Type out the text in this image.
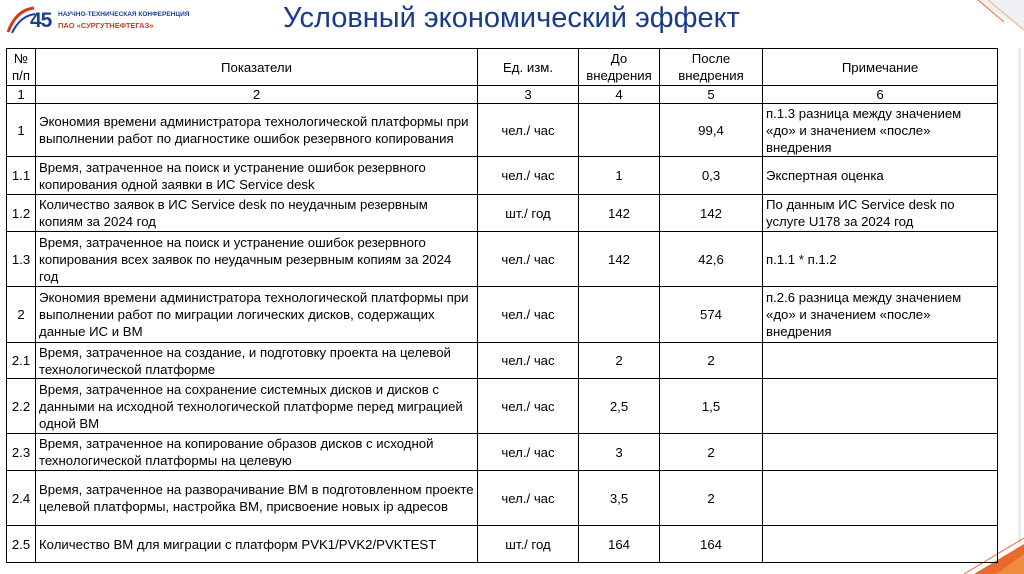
45 НАУЧНО-ТЕХНИЧЕСКАЯ КОНФЕРЕНЦИЯ
ПАО «СУРГУТНЕФТЕГАЗ»	Условный экономический эффект
№ п/п	Показатели	Ед. изм.	До внедрения	После внедрения	Примечание
1	2	3	4	5	6
1	Экономия времени администратора технологической платформы при выполнении работ по диагностике ошибок резервного копирования	чел./ час		99,4	п.1.3 разница между значением «до» и значением «после» внедрения
1.1	Время, затраченное на поиск и устранение ошибок резервного копирования одной заявки в ИС Service desk	чел./ час	1	0,3	Экспертная оценка
1.2	Количество заявок в ИС Service desk по неудачным резервным копиям за 2024 год	шт./ год	142	142	По данным ИС Service desk по услуге U178 за 2024 год
1.3	Время, затраченное на поиск и устранение ошибок резервного копирования всех заявок по неудачным резервным копиям за 2024 год	чел./ час	142	42,6	п.1.1 * п.1.2
2	Экономия времени администратора технологической платформы при выполнении работ по миграции логических дисков, содержащих данные ИС и ВМ	чел./ час		574	п.2.6 разница между значением «до» и значением «после» внедрения
2.1	Время, затраченное на создание, и подготовку проекта на целевой технологической платформе	чел./ час	2	2	
2.2	Время, затраченное на сохранение системных дисков и дисков с данными на исходной технологической платформе перед миграцией одной ВМ	чел./ час	2,5	1,5	
2.3	Время, затраченное на копирование образов дисков с исходной технологической платформы на целевую	чел./ час	3	2	
2.4	Время, затраченное на разворачивание ВМ в подготовленном проекте целевой платформы, настройка ВМ, присвоение новых ip адресов	чел./ час	3,5	2	
2.5	Количество ВМ для миграции с платформ PVK1/PVK2/PVKTEST	шт./ год	164	164	
